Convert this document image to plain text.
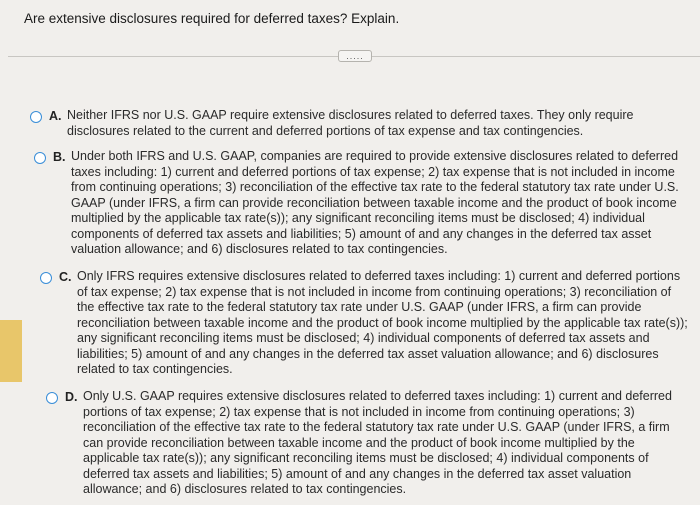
Are extensive disclosures required for deferred taxes? Explain.
.....
A. Neither IFRS nor U.S. GAAP require extensive disclosures related to deferred taxes. They only require disclosures related to the current and deferred portions of tax expense and tax contingencies.
B. Under both IFRS and U.S. GAAP, companies are required to provide extensive disclosures related to deferred taxes including: 1) current and deferred portions of tax expense; 2) tax expense that is not included in income from continuing operations; 3) reconciliation of the effective tax rate to the federal statutory tax rate under U.S. GAAP (under IFRS, a firm can provide reconciliation between taxable income and the product of book income multiplied by the applicable tax rate(s)); any significant reconciling items must be disclosed; 4) individual components of deferred tax assets and liabilities; 5) amount of and any changes in the deferred tax asset valuation allowance; and 6) disclosures related to tax contingencies.
C. Only IFRS requires extensive disclosures related to deferred taxes including: 1) current and deferred portions of tax expense; 2) tax expense that is not included in income from continuing operations; 3) reconciliation of the effective tax rate to the federal statutory tax rate under U.S. GAAP (under IFRS, a firm can provide reconciliation between taxable income and the product of book income multiplied by the applicable tax rate(s)); any significant reconciling items must be disclosed; 4) individual components of deferred tax assets and liabilities; 5) amount of and any changes in the deferred tax asset valuation allowance; and 6) disclosures related to tax contingencies.
D. Only U.S. GAAP requires extensive disclosures related to deferred taxes including: 1) current and deferred portions of tax expense; 2) tax expense that is not included in income from continuing operations; 3) reconciliation of the effective tax rate to the federal statutory tax rate under U.S. GAAP (under IFRS, a firm can provide reconciliation between taxable income and the product of book income multiplied by the applicable tax rate(s)); any significant reconciling items must be disclosed; 4) individual components of deferred tax assets and liabilities; 5) amount of and any changes in the deferred tax asset valuation allowance; and 6) disclosures related to tax contingencies.
